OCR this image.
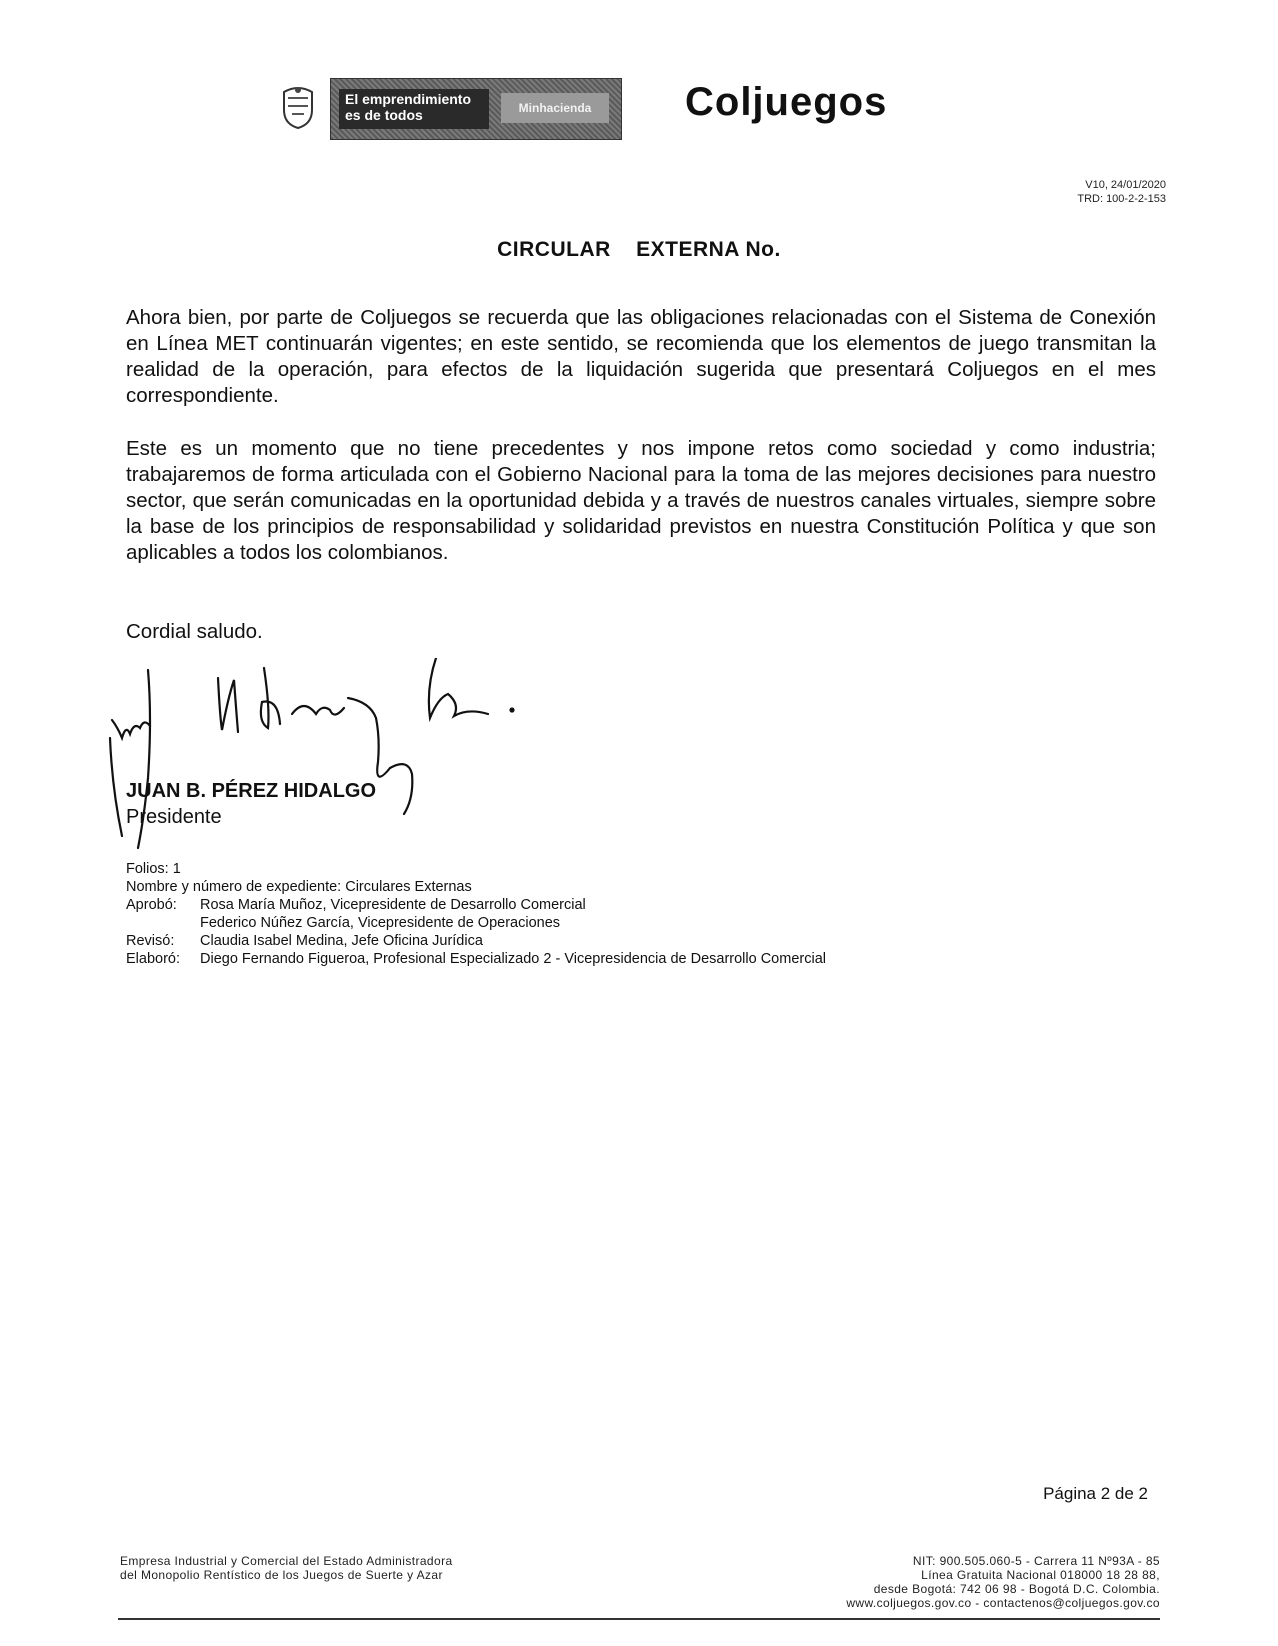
El emprendimiento es de todos	Minhacienda	Coljuegos
V10, 24/01/2020
TRD: 100-2-2-153
CIRCULAR    EXTERNA No.
Ahora bien, por parte de Coljuegos se recuerda que las obligaciones relacionadas con el Sistema de Conexión en Línea MET continuarán vigentes; en este sentido, se recomienda que los elementos de juego transmitan la realidad de la operación, para efectos de la liquidación sugerida que presentará Coljuegos en el mes correspondiente.
Este es un momento que no tiene precedentes y nos impone retos como sociedad y como industria; trabajaremos de forma articulada con el Gobierno Nacional para la toma de las mejores decisiones para nuestro sector, que serán comunicadas en la oportunidad debida y a través de nuestros canales virtuales, siempre sobre la base de los principios de responsabilidad y solidaridad previstos en nuestra Constitución Política y que son aplicables a todos los colombianos.
Cordial saludo.
JUAN B. PÉREZ HIDALGO
Presidente
Folios: 1
Nombre y número de expediente: Circulares Externas
Aprobó: Rosa María Muñoz, Vicepresidente de Desarrollo Comercial
Federico Núñez García, Vicepresidente de Operaciones
Revisó: Claudia Isabel Medina, Jefe Oficina Jurídica
Elaboró: Diego Fernando Figueroa, Profesional Especializado 2 - Vicepresidencia de Desarrollo Comercial
Página 2 de 2
Empresa Industrial y Comercial del Estado Administradora
del Monopolio Rentístico de los Juegos de Suerte y Azar
NIT: 900.505.060-5 - Carrera 11 Nº93A - 85
Línea Gratuita Nacional 018000 18 28 88,
desde Bogotá: 742 06 98 - Bogotá D.C. Colombia.
www.coljuegos.gov.co - contactenos@coljuegos.gov.co
